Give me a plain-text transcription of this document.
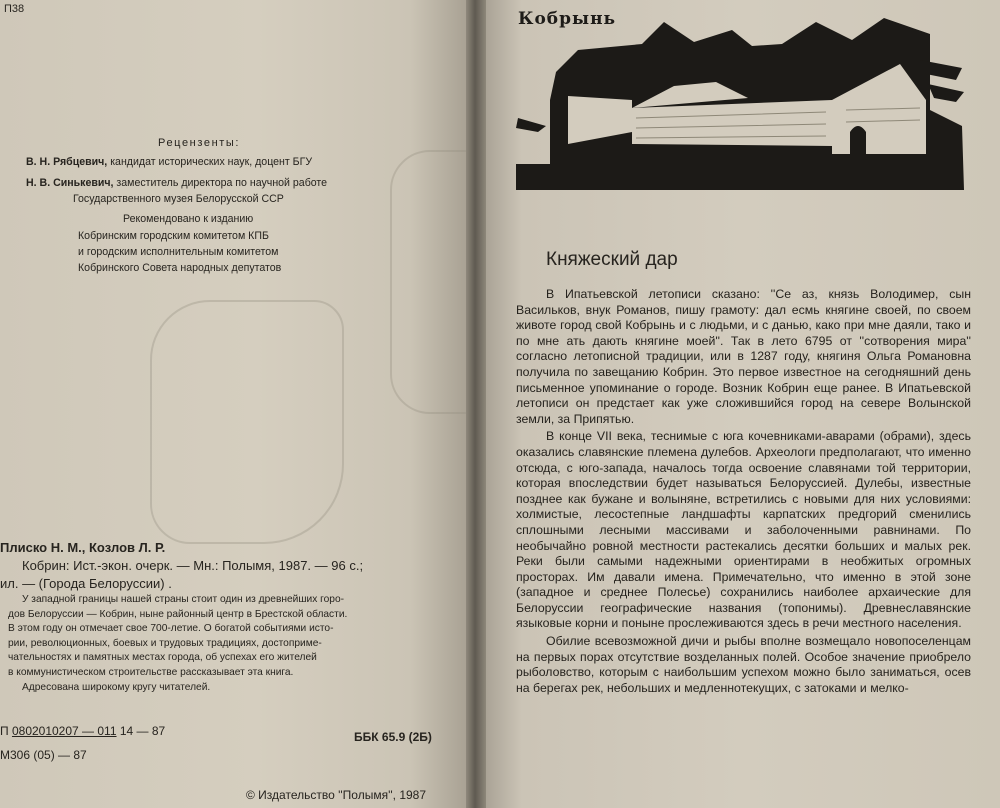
П38
Рецензенты:
В. Н. Рябцевич, кандидат исторических наук, доцент БГУ
Н. В. Синькевич, заместитель директора по научной работе
Государственного музея Белорусской ССР
Рекомендовано к изданию
Кобринским городским комитетом КПБ
и городским исполнительным комитетом
Кобринского Совета народных депутатов
Плиско Н. М., Козлов Л. Р.
Кобрин: Ист.-экон. очерк. — Мн.: Полымя, 1987. — 96 с.;
ил. — (Города Белоруссии) .

У западной границы нашей страны стоит один из древнейших горо-

дов Белоруссии — Кобрин, ныне районный центр в Брестской области.

В этом году он отмечает свое 700-летие. О богатой событиями исто-

рии, революционных, боевых и трудовых традициях, достоприме-

чательностях и памятных местах города, об успехах его жителей

в коммунистическом строительстве рассказывает эта книга.

Адресована широкому кругу читателей.

П 0802010207 — 011 14 — 87	ББК 65.9 (2Б)
М306 (05) — 87
© Издательство ''Полымя'', 1987
Кобрынь
Княжеский дар

В Ипатьевской летописи сказано: ''Се аз, князь Володимер, сын Васильков, внук Романов, пишу грамоту: дал есмь княгине своей, по своем животе город свой Кобрынь и с людьми, и с данью, како при мне даяли, тако и по мне ать дають княгине моей''. Так в лето 6795 от ''сотворения мира'' согласно летописной традиции, или в 1287 году, княгиня Ольга Романовна получила по завещанию Кобрин. Это первое известное на сегодняшний день письменное упоминание о городе. Возник Кобрин еще ранее. В Ипатьевской летописи он предстает как уже сложившийся город на севере Волынской земли, за Припятью.

В конце VII века, теснимые с юга кочевниками-аварами (обрами), здесь оказались славянские племена дулебов. Археологи предполагают, что именно отсюда, с юго-запада, началось тогда освоение славянами той территории, которая впоследствии будет называться Белоруссией. Дулебы, известные позднее как бужане и волыняне, встретились с новыми для них условиями: холмистые, лесостепные ландшафты карпатских предгорий сменились сплошными лесными массивами и заболоченными равнинами. По необычайно ровной местности растекались десятки больших и малых рек. Реки были самыми надежными ориентирами в необжитых огромных просторах. Им давали имена. Примечательно, что именно в этой зоне (западное и среднее Полесье) сохранились наиболее архаические для Белоруссии географические названия (топонимы). Древнеславянские языковые корни и поныне прослеживаются здесь в речи местного населения.

Обилие всевозможной дичи и рыбы вполне возмещало новопоселенцам на первых порах отсутствие возделанных полей. Особое значение приобрело рыболовство, которым с наибольшим успехом можно было заниматься, осев на берегах рек, небольших и медленнотекущих, с затоками и мелко-
